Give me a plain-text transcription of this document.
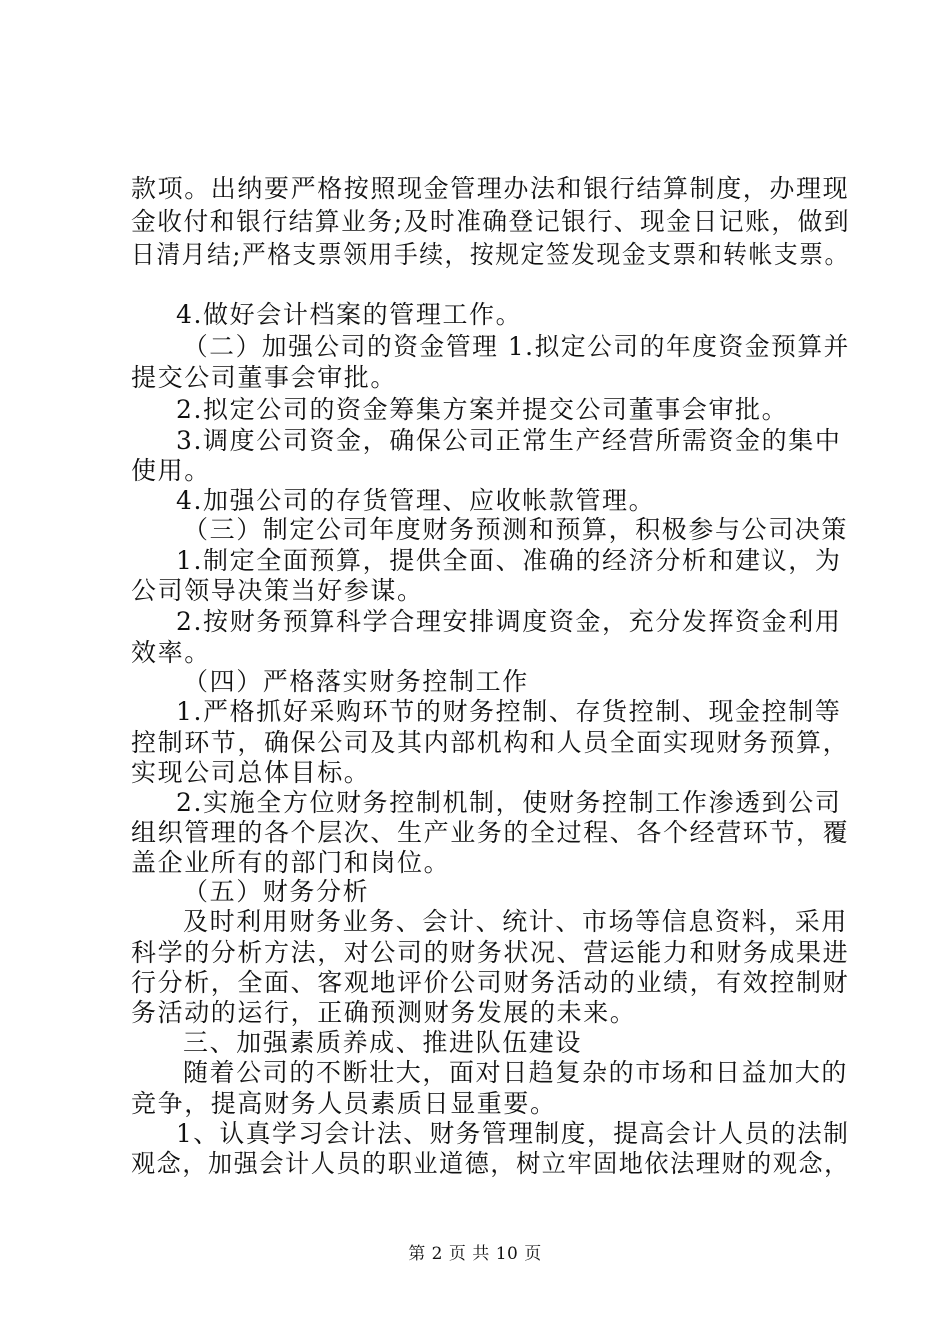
款项。出纳要严格按照现金管理办法和银行结算制度，办理现
金收付和银行结算业务;及时准确登记银行、现金日记账，做到
日清月结;严格支票领用手续，按规定签发现金支票和转帐支票。
4.做好会计档案的管理工作。
（二）加强公司的资金管理 1.拟定公司的年度资金预算并
提交公司董事会审批。
2.拟定公司的资金筹集方案并提交公司董事会审批。
3.调度公司资金，确保公司正常生产经营所需资金的集中
使用。
4.加强公司的存货管理、应收帐款管理。
（三）制定公司年度财务预测和预算，积极参与公司决策
1.制定全面预算，提供全面、准确的经济分析和建议，为
公司领导决策当好参谋。
2.按财务预算科学合理安排调度资金，充分发挥资金利用
效率。
（四）严格落实财务控制工作
1.严格抓好采购环节的财务控制、存货控制、现金控制等
控制环节，确保公司及其内部机构和人员全面实现财务预算，
实现公司总体目标。
2.实施全方位财务控制机制，使财务控制工作渗透到公司
组织管理的各个层次、生产业务的全过程、各个经营环节，覆
盖企业所有的部门和岗位。
（五）财务分析
及时利用财务业务、会计、统计、市场等信息资料，采用
科学的分析方法，对公司的财务状况、营运能力和财务成果进
行分析，全面、客观地评价公司财务活动的业绩，有效控制财
务活动的运行，正确预测财务发展的未来。
三、加强素质养成、推进队伍建设
随着公司的不断壮大，面对日趋复杂的市场和日益加大的
竞争，提高财务人员素质日显重要。
1、认真学习会计法、财务管理制度，提高会计人员的法制
观念，加强会计人员的职业道德，树立牢固地依法理财的观念，
第 2 页 共 10 页
